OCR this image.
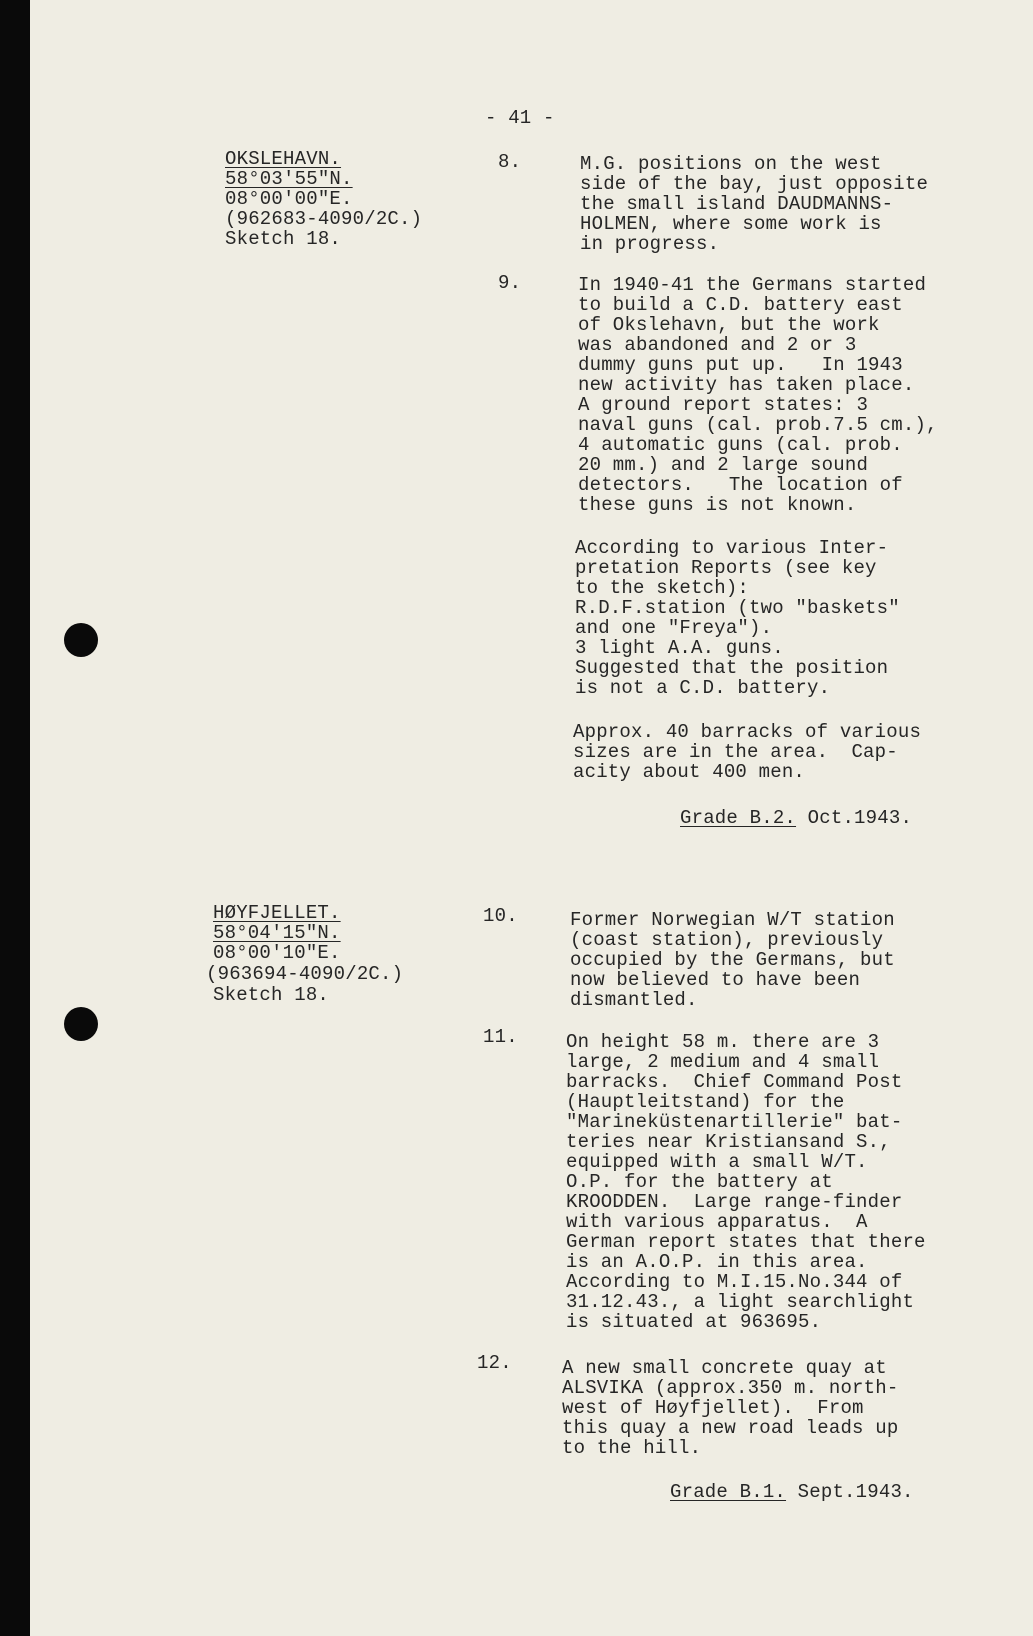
- 41 -
OKSLEHAVN.
58°03'55"N.
08°00'00"E.
(962683-4090/2C.)
Sketch 18.
8.	M.G. positions on the west
side of the bay, just opposite
the small island DAUDMANNS-
HOLMEN, where some work is
in progress.
9.	In 1940-41 the Germans started
to build a C.D. battery east
of Okslehavn, but the work
was abandoned and 2 or 3
dummy guns put up.   In 1943
new activity has taken place.
A ground report states: 3
naval guns (cal. prob.7.5 cm.),
4 automatic guns (cal. prob.
20 mm.) and 2 large sound
detectors.   The location of
these guns is not known.
According to various Inter-
pretation Reports (see key
to the sketch):
R.D.F.station (two "baskets"
and one "Freya").
3 light A.A. guns.
Suggested that the position
is not a C.D. battery.
Approx. 40 barracks of various
sizes are in the area.  Cap-
acity about 400 men.
Grade B.2. Oct.1943.
HØYFJELLET.
58°04'15"N.
08°00'10"E.
(963694-4090/2C.)
Sketch 18.
10.	Former Norwegian W/T station
(coast station), previously
occupied by the Germans, but
now believed to have been
dismantled.
11.	On height 58 m. there are 3
large, 2 medium and 4 small
barracks.  Chief Command Post
(Hauptleitstand) for the
"Marineküstenartillerie" bat-
teries near Kristiansand S.,
equipped with a small W/T.
O.P. for the battery at
KROODDEN.  Large range-finder
with various apparatus.  A
German report states that there
is an A.O.P. in this area.
According to M.I.15.No.344 of
31.12.43., a light searchlight
is situated at 963695.
12.	A new small concrete quay at
ALSVIKA (approx.350 m. north-
west of Høyfjellet).  From
this quay a new road leads up
to the hill.
Grade B.1. Sept.1943.
